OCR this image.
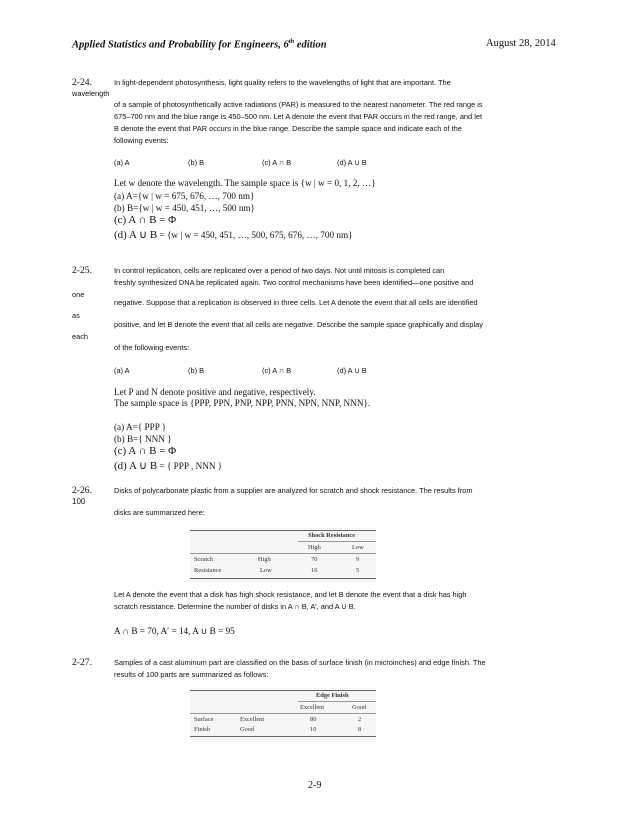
Applied Statistics and Probability for Engineers, 6th edition	August 28, 2014
2-24.	In light-dependent photosynthesis, light quality refers to the wavelengths of light that are important. The
wavelength
of a sample of photosynthetically active radiations (PAR) is measured to the nearest nanometer. The red range is
675–700 nm and the blue range is 450–500 nm. Let A denote the event that PAR occurs in the red range, and let
B denote the event that PAR occurs in the blue range. Describe the sample space and indicate each of the
following events:
(a) A	(b) B	(c) A ∩ B	(d) A ∪ B
Let w denote the wavelength. The sample space is {w | w = 0, 1, 2, …}
(a) A={w | w = 675, 676, …, 700 nm}
(b) B={w | w = 450, 451, …, 500 nm}
(c) A ∩ B = Φ
(d) A ∪ B = {w | w = 450, 451, …, 500, 675, 676, …, 700 nm}
2-25.	In control replication, cells are replicated over a period of two days. Not until mitosis is completed can
freshly synthesized DNA be replicated again. Two control mechanisms have been identified—one positive and
one
negative. Suppose that a replication is observed in three cells. Let A denote the event that all cells are identified
as
positive, and let B denote the event that all cells are negative. Describe the sample space graphically and display
each
of the following events:
(a) A	(b) B	(c) A ∩ B	(d) A ∪ B
Let P and N denote positive and negative, respectively.
The sample space is {PPP, PPN, PNP, NPP, PNN, NPN, NNP, NNN}.
(a) A={ PPP }
(b) B={ NNN }
(c) A ∩ B = Φ
(d) A ∪ B = { PPP , NNN }
2-26.
100
Disks of polycarbonate plastic from a supplier are analyzed for scratch and shock resistance. The results from
disks are summarized here:
Shock Resistance
High	Low
Scratch	High	70	9
Resistance	Low	16	5
Let A denote the event that a disk has high shock resistance, and let B denote the event that a disk has high
scratch resistance. Determine the number of disks in A ∩ B, A′, and A ∪ B.
A ∩ B = 70, A′ = 14, A ∪ B = 95
2-27.	Samples of a cast aluminum part are classified on the basis of surface finish (in microinches) and edge finish. The
results of 100 parts are summarized as follows:
Edge Finish
Excellent	Good
Surface	Excellent	80	2
Finish	Good	10	8
2-9
